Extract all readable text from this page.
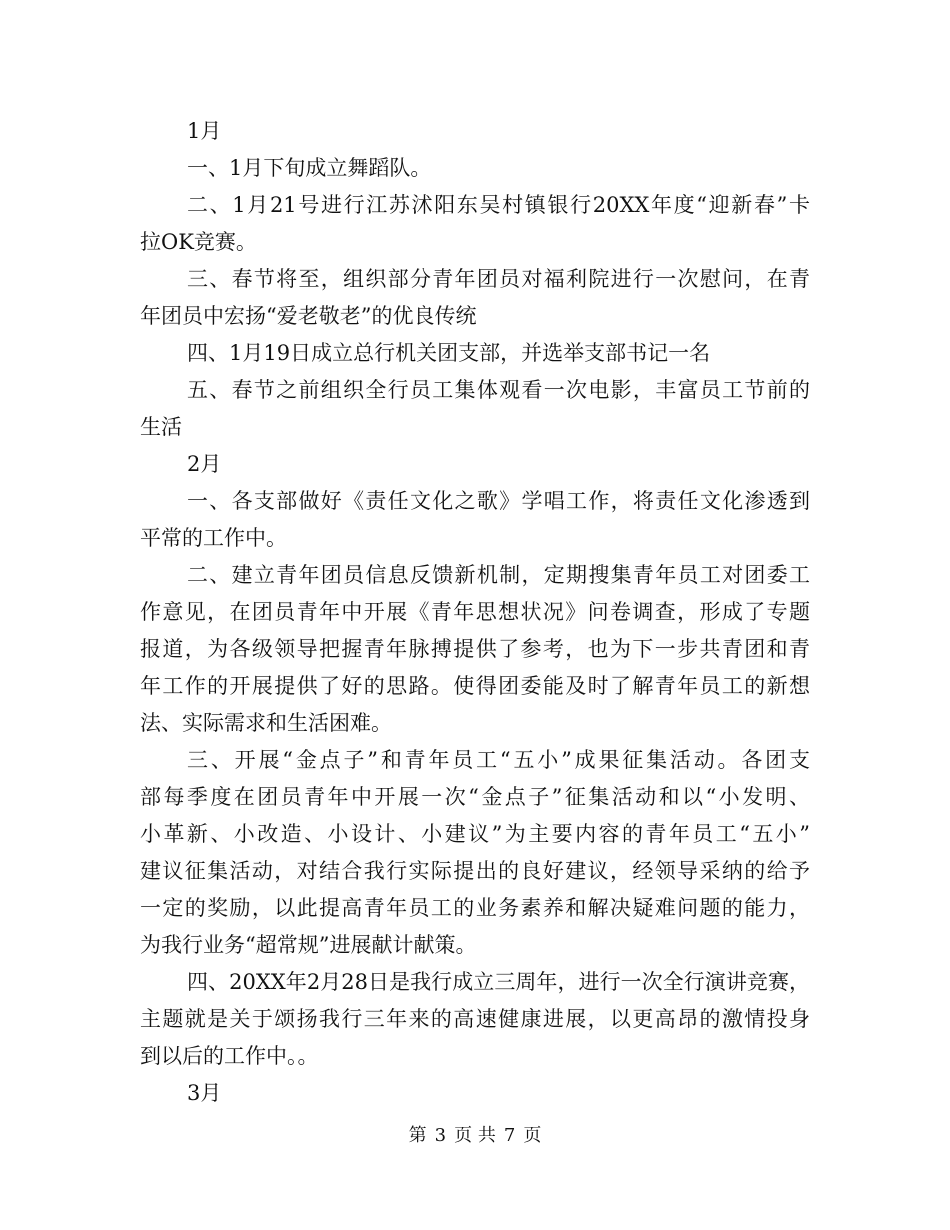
1月
一、1月下旬成立舞蹈队。
二、1月21号进行江苏沭阳东吴村镇银行20XX年度“迎新春”卡
拉OK竞赛。
三、春节将至，组织部分青年团员对福利院进行一次慰问，在青
年团员中宏扬“爱老敬老”的优良传统
四、1月19日成立总行机关团支部，并选举支部书记一名
五、春节之前组织全行员工集体观看一次电影，丰富员工节前的
生活
2月
一、各支部做好《责任文化之歌》学唱工作，将责任文化渗透到
平常的工作中。
二、建立青年团员信息反馈新机制，定期搜集青年员工对团委工
作意见，在团员青年中开展《青年思想状况》问卷调查，形成了专题
报道，为各级领导把握青年脉搏提供了参考，也为下一步共青团和青
年工作的开展提供了好的思路。使得团委能及时了解青年员工的新想
法、实际需求和生活困难。
三、开展“金点子”和青年员工“五小”成果征集活动。各团支
部每季度在团员青年中开展一次“金点子”征集活动和以“小发明、
小革新、小改造、小设计、小建议”为主要内容的青年员工“五小”
建议征集活动，对结合我行实际提出的良好建议，经领导采纳的给予
一定的奖励，以此提高青年员工的业务素养和解决疑难问题的能力，
为我行业务“超常规”进展献计献策。
四、20XX年2月28日是我行成立三周年，进行一次全行演讲竞赛，
主题就是关于颂扬我行三年来的高速健康进展，以更高昂的激情投身
到以后的工作中。。
3月
第 3 页 共 7 页
